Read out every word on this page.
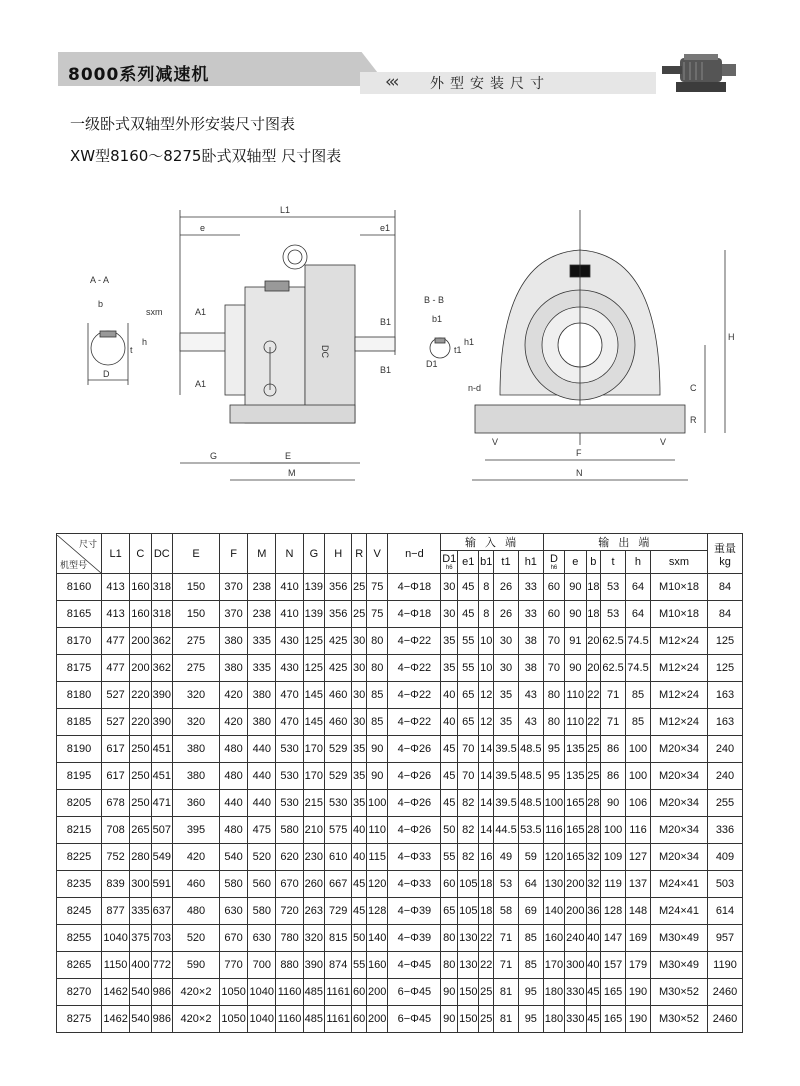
8000系列减速机	‹‹‹ 外型安装尺寸
一级卧式双轴型外形安装尺寸图表
XW型8160～8275卧式双轴型 尺寸图表
L1
e	e1
A - A
b
D
t
h
sxm	A1
A1
DC
B1
B1
G	E
M
B - B
b1
D1
t1
h1
n-d
V	V
F
N
H
C
R
尺寸
机型号	L1	C	DC	E	F	M	N	G	H	R	V	n−d	输 入 端					输 出 端						重量
kg
													D1
h6	e1	b1	t1	h1	D
h6	e	b	t	h	sxm	
8160	413	160	318	150	370	238	410	139	356	25	75	4−Φ18	30	45	8	26	33	60	90	18	53	64	M10×18	84
8165	413	160	318	150	370	238	410	139	356	25	75	4−Φ18	30	45	8	26	33	60	90	18	53	64	M10×18	84
8170	477	200	362	275	380	335	430	125	425	30	80	4−Φ22	35	55	10	30	38	70	91	20	62.5	74.5	M12×24	125
8175	477	200	362	275	380	335	430	125	425	30	80	4−Φ22	35	55	10	30	38	70	90	20	62.5	74.5	M12×24	125
8180	527	220	390	320	420	380	470	145	460	30	85	4−Φ22	40	65	12	35	43	80	110	22	71	85	M12×24	163
8185	527	220	390	320	420	380	470	145	460	30	85	4−Φ22	40	65	12	35	43	80	110	22	71	85	M12×24	163
8190	617	250	451	380	480	440	530	170	529	35	90	4−Φ26	45	70	14	39.5	48.5	95	135	25	86	100	M20×34	240
8195	617	250	451	380	480	440	530	170	529	35	90	4−Φ26	45	70	14	39.5	48.5	95	135	25	86	100	M20×34	240
8205	678	250	471	360	440	440	530	215	530	35	100	4−Φ26	45	82	14	39.5	48.5	100	165	28	90	106	M20×34	255
8215	708	265	507	395	480	475	580	210	575	40	110	4−Φ26	50	82	14	44.5	53.5	116	165	28	100	116	M20×34	336
8225	752	280	549	420	540	520	620	230	610	40	115	4−Φ33	55	82	16	49	59	120	165	32	109	127	M20×34	409
8235	839	300	591	460	580	560	670	260	667	45	120	4−Φ33	60	105	18	53	64	130	200	32	119	137	M24×41	503
8245	877	335	637	480	630	580	720	263	729	45	128	4−Φ39	65	105	18	58	69	140	200	36	128	148	M24×41	614
8255	1040	375	703	520	670	630	780	320	815	50	140	4−Φ39	80	130	22	71	85	160	240	40	147	169	M30×49	957
8265	1150	400	772	590	770	700	880	390	874	55	160	4−Φ45	80	130	22	71	85	170	300	40	157	179	M30×49	1190
8270	1462	540	986	420×2	1050	1040	1160	485	1161	60	200	6−Φ45	90	150	25	81	95	180	330	45	165	190	M30×52	2460
8275	1462	540	986	420×2	1050	1040	1160	485	1161	60	200	6−Φ45	90	150	25	81	95	180	330	45	165	190	M30×52	2460
